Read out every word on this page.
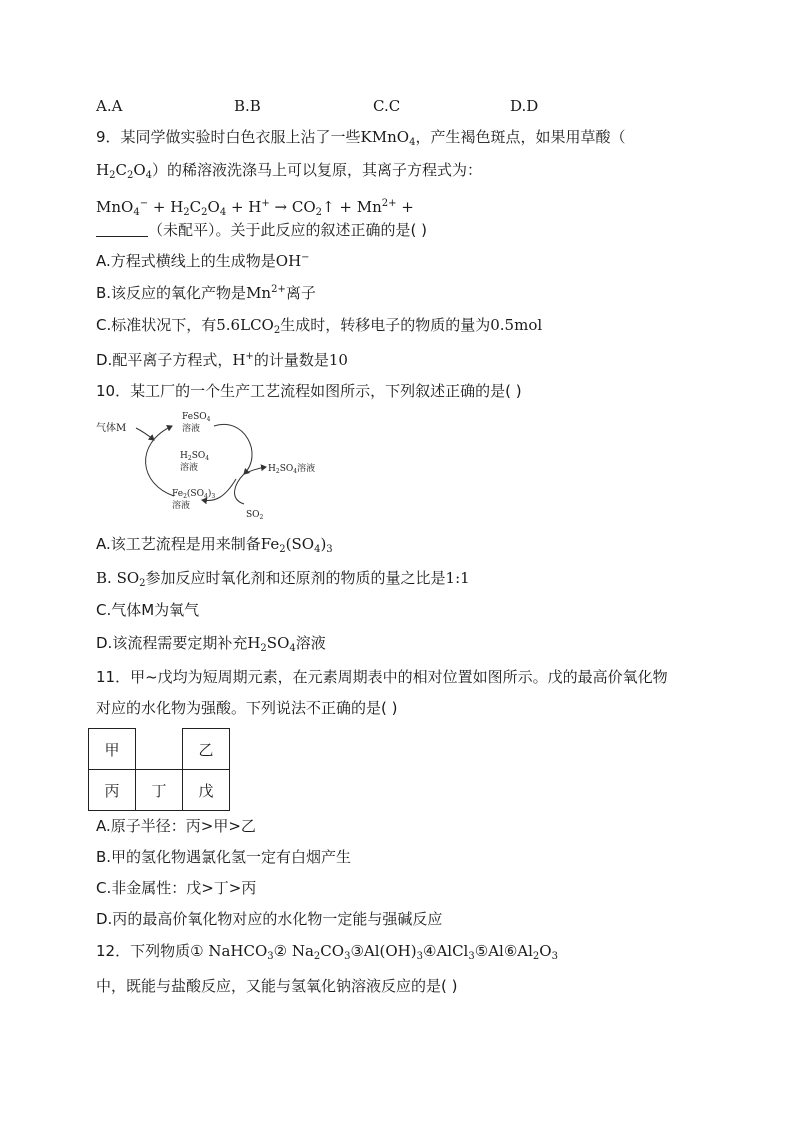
A.A	B.B	C.C	D.D
9．某同学做实验时白色衣服上沾了一些KMnO$_4$，产生褐色斑点，如果用草酸（
$H_2C_2O_4$）的稀溶液洗涤马上可以复原，其离子方程式为：
$MnO_4^- + H_2C_2O_4 + H^+$ → $CO_2↑ + Mn^{2+}$ +
（未配平）。关于此反应的叙述正确的是( )
A.方程式横线上的生成物是OH−
B.该反应的氧化产物是$Mn^{2+}$离子
C.标准状况下，有$5.6LCO_2$生成时，转移电子的物质的量为0.5mol
D.配平离子方程式，H+的计量数是10
10．某工厂的一个生产工艺流程如图所示，下列叙述正确的是( )
气体M
FeSO$_4$
溶液
$H_2SO_4$
溶液
$Fe_2(SO_4)_3$
溶液
$H_2SO_4$溶液
$SO_2$
A.该工艺流程是用来制备$Fe_2(SO_4)_3$
B. $SO_2$参加反应时氧化剂和还原剂的物质的量之比是1:1
C.气体M为氧气
D.该流程需要定期补充$H_2SO_4$溶液
11．甲~戊均为短周期元素，在元素周期表中的相对位置如图所示。戊的最高价氧化物
对应的水化物为强酸。下列说法不正确的是( )
甲		乙
丙	丁	戊
A.原子半径：丙>甲>乙
B.甲的氢化物遇氯化氢一定有白烟产生
C.非金属性：戊>丁>丙
D.丙的最高价氧化物对应的水化物一定能与强碱反应
12．下列物质① NaHCO$_3$② $Na_2CO_3③Al(OH)_3④AlCl_3⑤Al⑥Al_2O_3$
中，既能与盐酸反应，又能与氢氧化钠溶液反应的是( )
